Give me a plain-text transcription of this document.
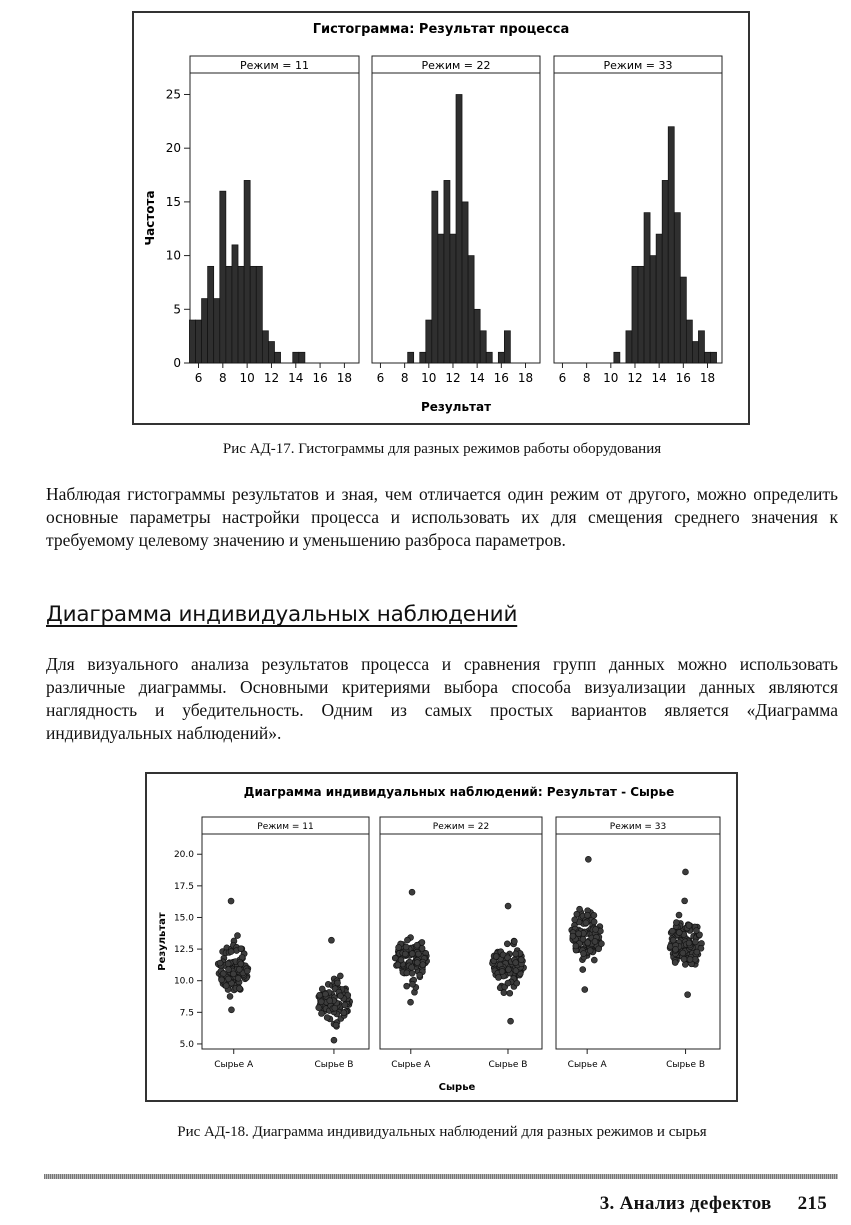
Гистограмма: Результат процесса
0
5
10
15
20
25
Частота
Результат
Режим = 11
6 8 10 12 14 16 18
Режим = 22
6 8 10 12 14 16 18
Режим = 33
6 8 10 12 14 16 18
Рис АД-17. Гистограммы для разных режимов работы оборудования
Наблюдая гистограммы результатов и зная, чем отличается один режим от другого, можно определить основные параметры настройки процесса и использовать их для смещения среднего значения к требуемому целевому значению и уменьшению разброса параметров.
Диаграмма индивидуальных наблюдений
Для визуального анализа результатов процесса и сравнения групп данных можно использовать различные диаграммы. Основными критериями выбора способа визуализации данных являются наглядность и убедительность. Одним из самых простых вариантов является «Диаграмма индивидуальных наблюдений».
Диаграмма индивидуальных наблюдений: Результат - Сырье
5.0
7.5
10.0
12.5
15.0
17.5
20.0
Результат
Сырье
Режим = 11
Сырье A	Сырье B
Режим = 22
Сырье A	Сырье B
Режим = 33
Сырье A	Сырье B
Рис АД-18. Диаграмма индивидуальных наблюдений для разных режимов и сырья
3. Анализ дефектов 215
